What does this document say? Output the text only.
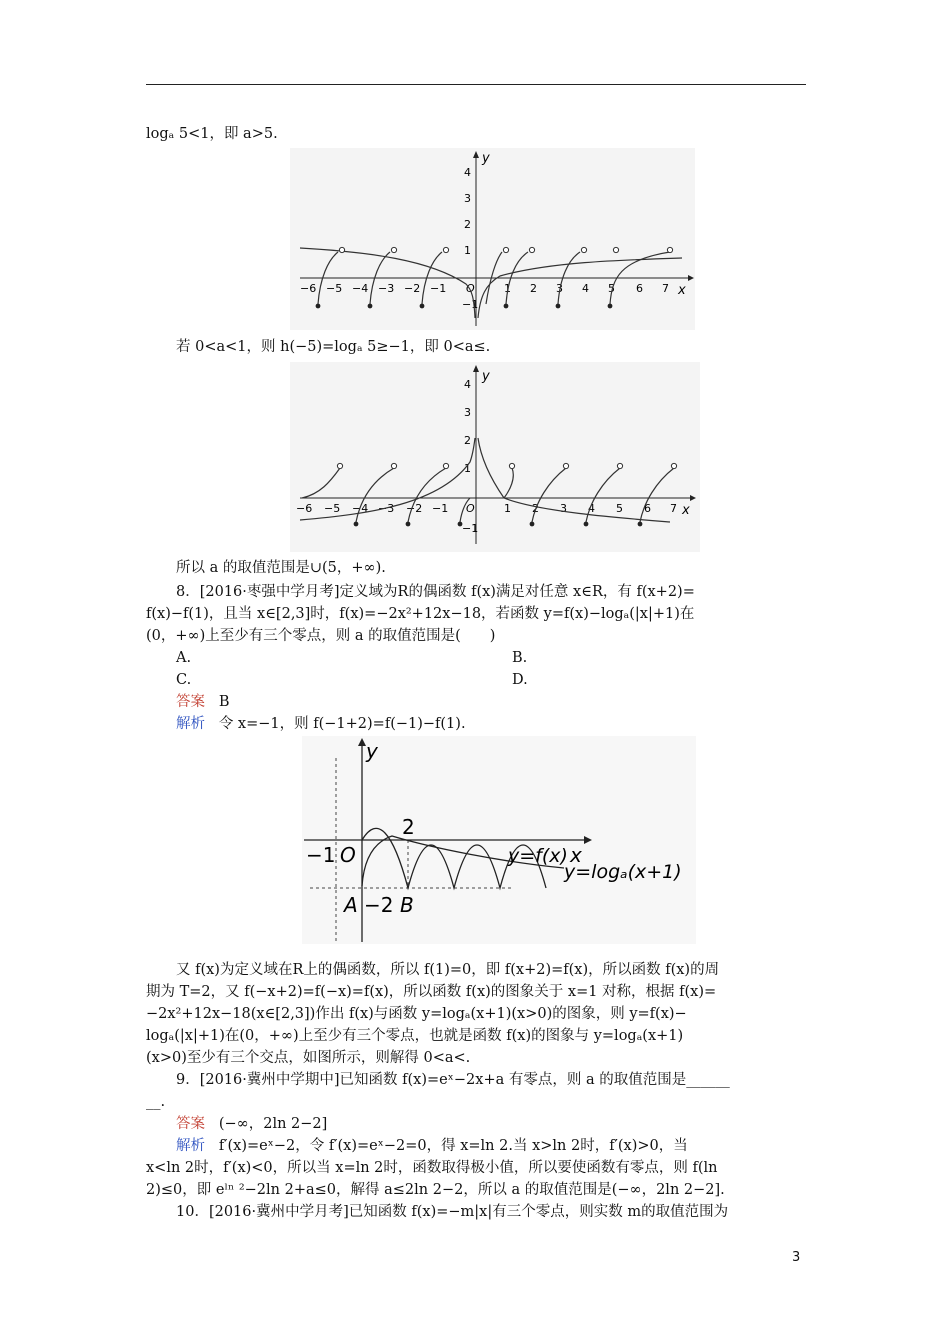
logₐ 5<1，即 a>5.
y
x
4
3
2
1
−1
−6 −5 −4 −3 −2 −1 O	1 2 3 4 5 6 7
若 0<a<1，则 h(−5)=logₐ 5≥−1，即 0<a≤.
y
x
4
3
2
1
−1
−6 −5 −4 −3 −2 −1 O	1 2 3 4 5 6 7
所以 a 的取值范围是∪(5，+∞).
8．[2016·枣强中学月考]定义域为R的偶函数 f(x)满足对任意 x∈R，有 f(x+2)=
f(x)−f(1)，且当 x∈[2,3]时，f(x)=−2x²+12x−18，若函数 y=f(x)−logₐ(|x|+1)在
(0，+∞)上至少有三个零点，则 a 的取值范围是(　　)
A.	B.
C.	D.
答案 B
解析 令 x=−1，则 f(−1+2)=f(−1)−f(1).
y
x
O
−1
2
−2
A B
y=f(x)
y=logₐ(x+1)
又 f(x)为定义域在R上的偶函数，所以 f(1)=0，即 f(x+2)=f(x)，所以函数 f(x)的周
期为 T=2，又 f(−x+2)=f(−x)=f(x)，所以函数 f(x)的图象关于 x=1 对称，根据 f(x)=
−2x²+12x−18(x∈[2,3])作出 f(x)与函数 y=logₐ(x+1)(x>0)的图象，则 y=f(x)−
logₐ(|x|+1)在(0，+∞)上至少有三个零点，也就是函数 f(x)的图象与 y=logₐ(x+1)
(x>0)至少有三个交点，如图所示，则解得 0<a<.
9．[2016·冀州中学期中]已知函数 f(x)=eˣ−2x+a 有零点，则 a 的取值范围是______
__.
答案 (−∞，2ln 2−2]
解析 f′(x)=eˣ−2，令 f′(x)=eˣ−2=0，得 x=ln 2.当 x>ln 2时，f′(x)>0，当
x<ln 2时，f′(x)<0，所以当 x=ln 2时，函数取得极小值，所以要使函数有零点，则 f(ln
2)≤0，即 eˡⁿ ²−2ln 2+a≤0，解得 a≤2ln 2−2，所以 a 的取值范围是(−∞，2ln 2−2].
10．[2016·冀州中学月考]已知函数 f(x)=−m|x|有三个零点，则实数 m的取值范围为
3
